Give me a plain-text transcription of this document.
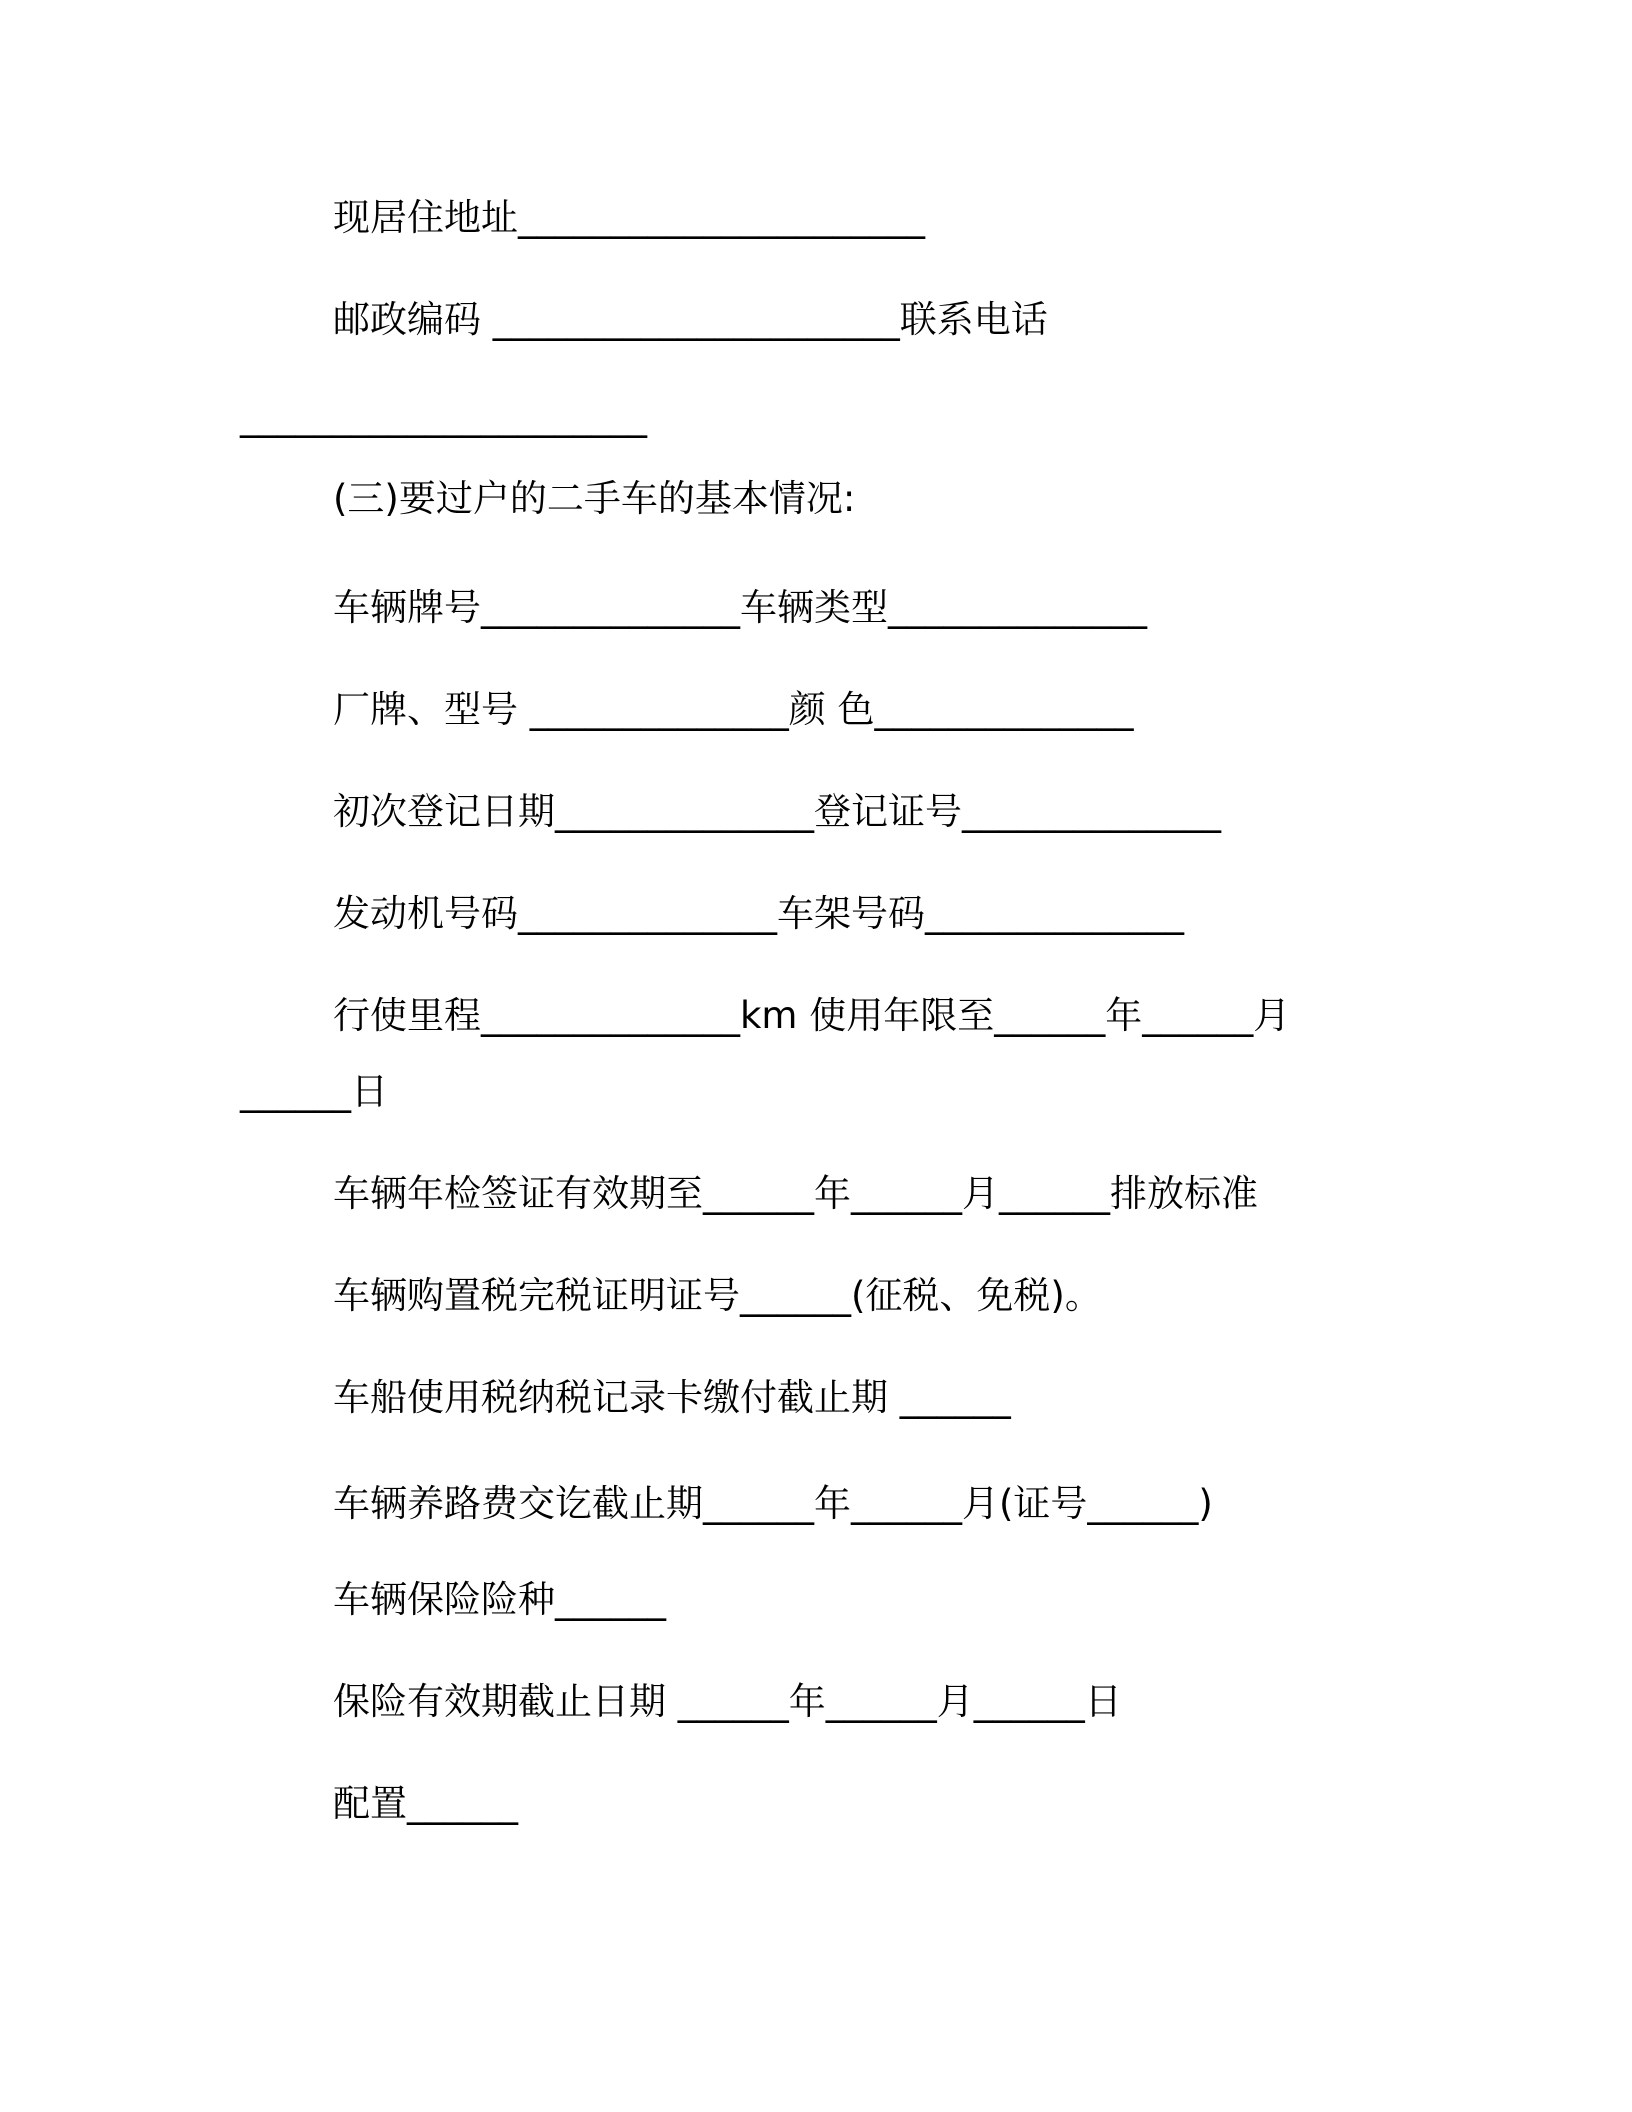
现居住地址______________________
邮政编码 ______________________联系电话
______________________
(三)要过户的二手车的基本情况:
车辆牌号______________车辆类型______________
厂牌、型号 ______________颜 色______________
初次登记日期______________登记证号______________
发动机号码______________车架号码______________
行使里程______________km 使用年限至______年______月
______日
车辆年检签证有效期至______年______月______排放标准
车辆购置税完税证明证号______(征税、免税)。
车船使用税纳税记录卡缴付截止期 ______
车辆养路费交讫截止期______年______月(证号______)
车辆保险险种______
保险有效期截止日期 ______年______月______日
配置______
